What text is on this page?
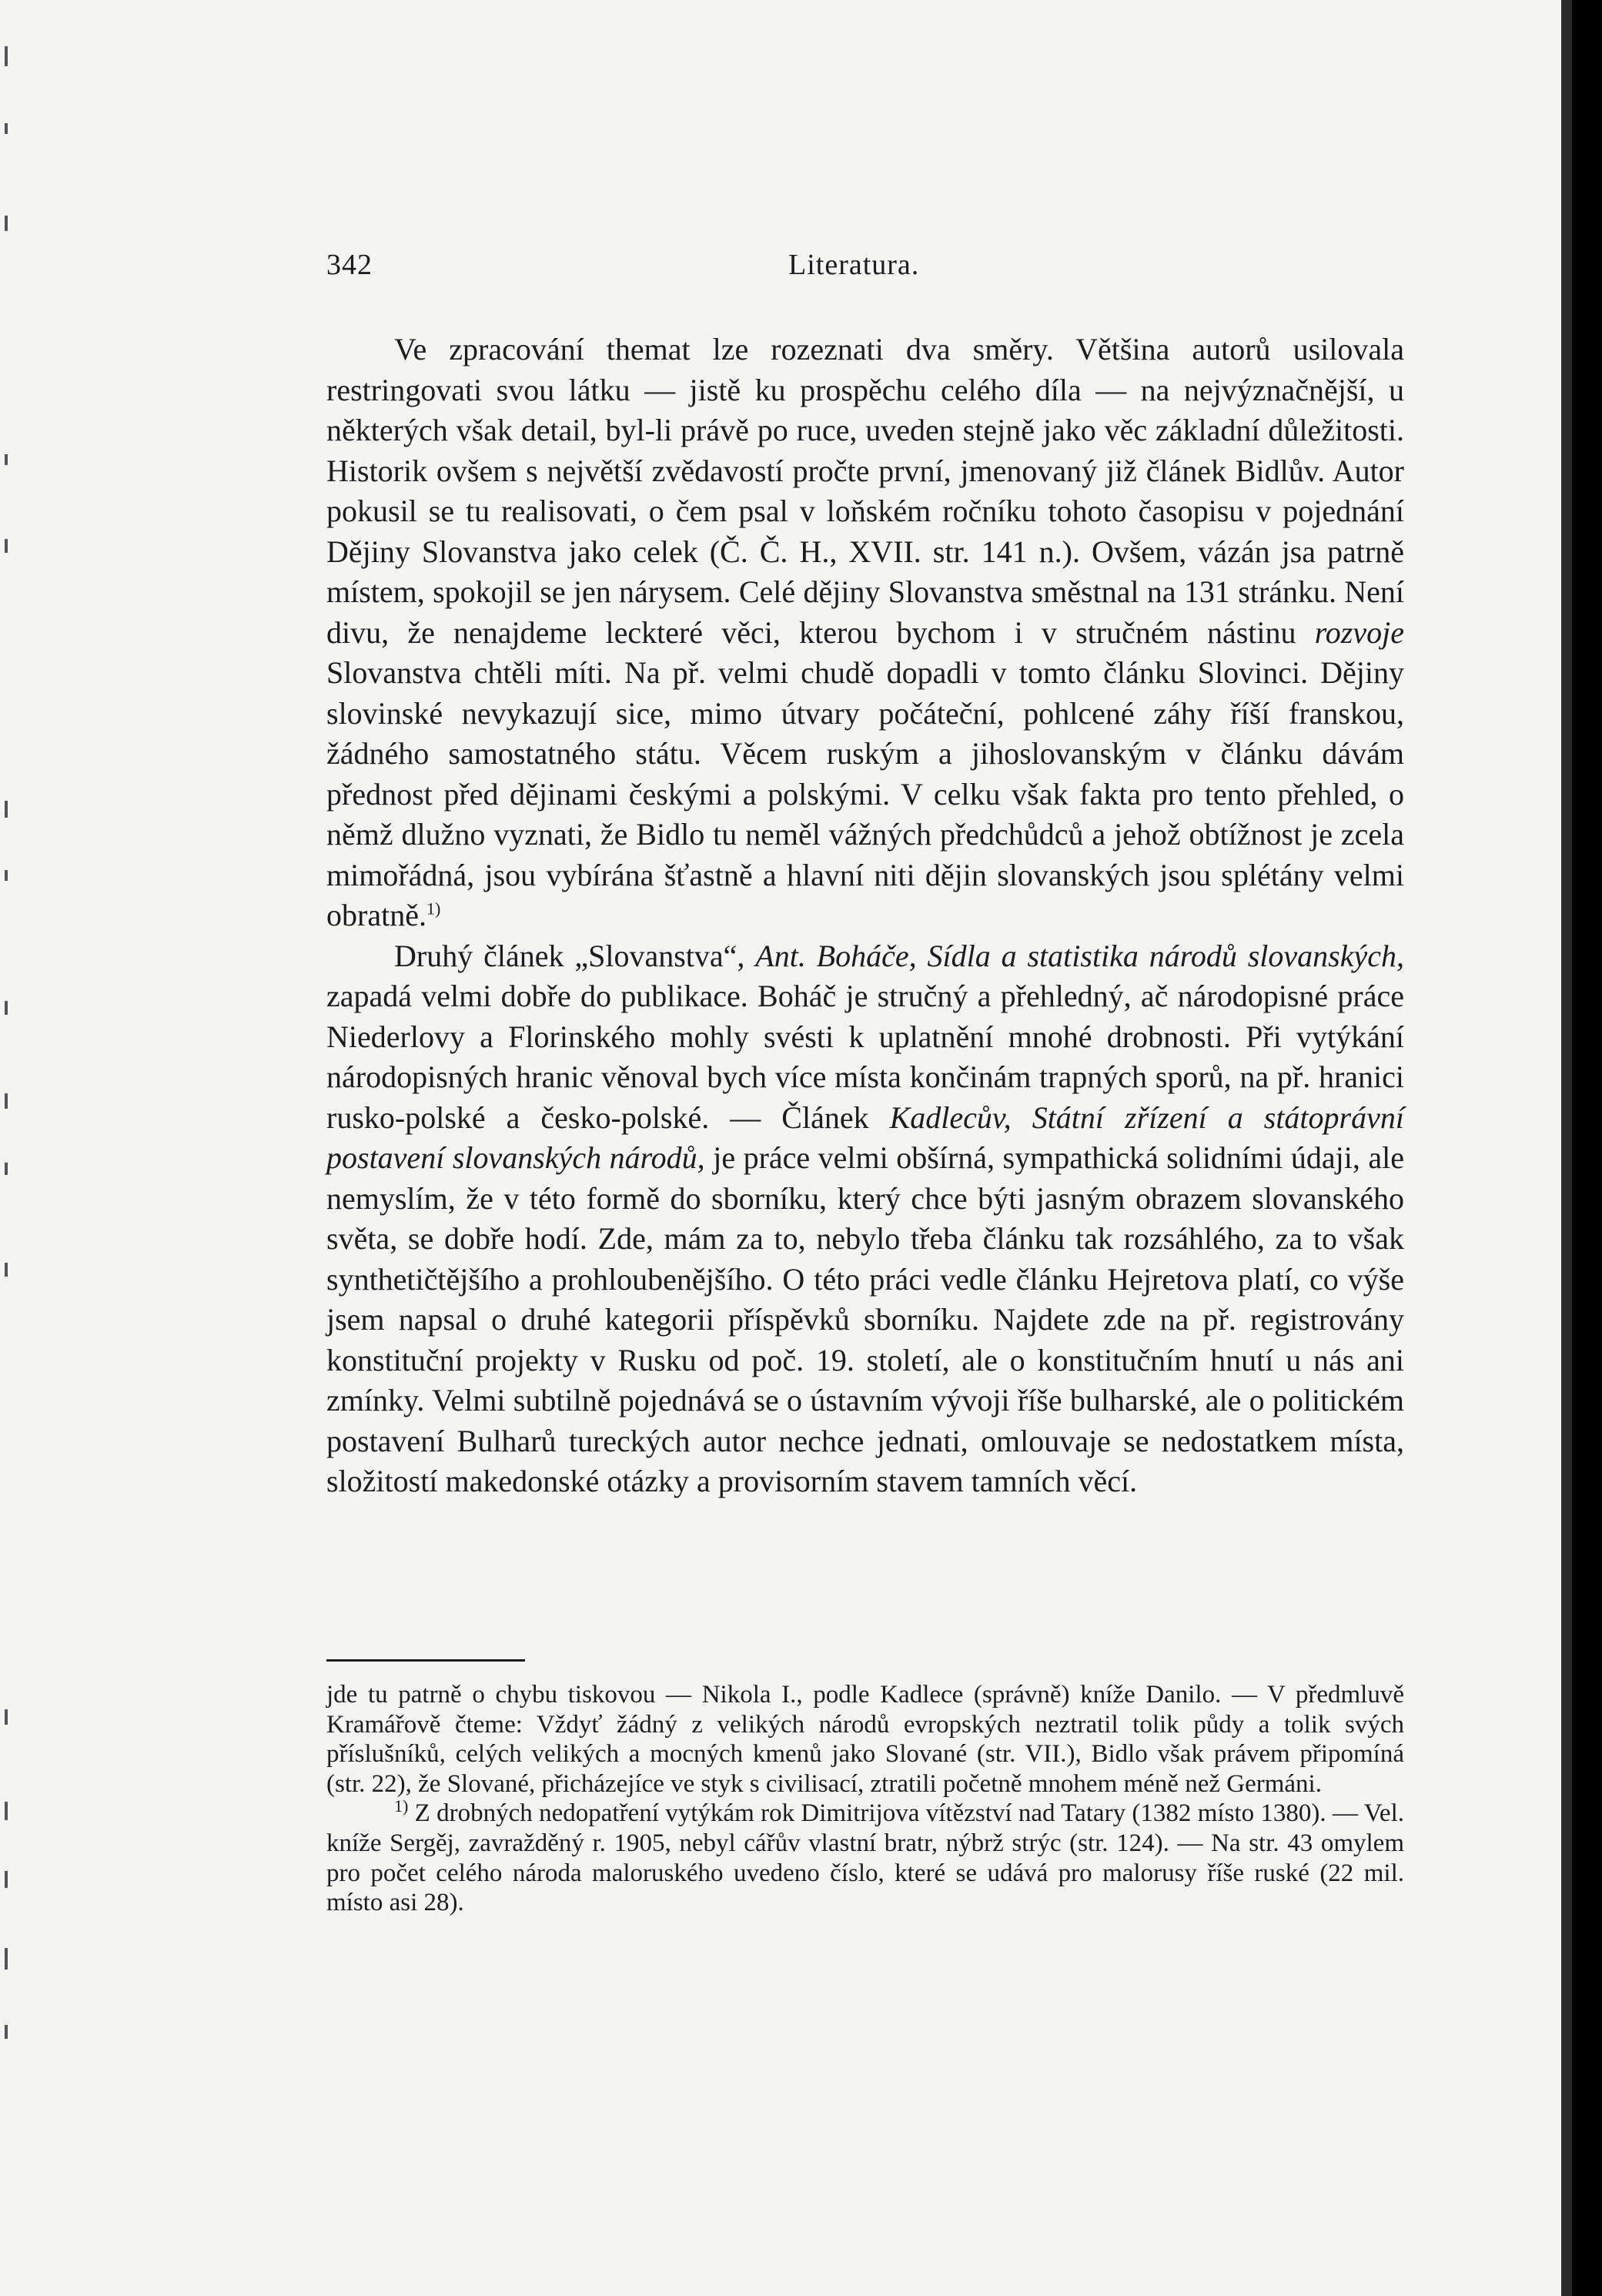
342	Literatura.

Ve zpracování themat lze rozeznati dva směry. Většina autorů usilovala restringovati svou látku — jistě ku prospěchu celého díla — na nejvýznačnější, u některých však detail, byl-li právě po ruce, uveden stejně jako věc základní důležitosti. Historik ovšem s největší zvědavostí pročte první, jmenovaný již článek Bidlův. Autor pokusil se tu realisovati, o čem psal v loňském ročníku tohoto časopisu v pojednání Dějiny Slovanstva jako celek (Č. Č. H., XVII. str. 141 n.). Ovšem, vázán jsa patrně místem, spokojil se jen nárysem. Celé dějiny Slovanstva směstnal na 131 stránku. Není divu, že nenajdeme leckteré věci, kterou bychom i v stručném nástinu rozvoje Slovanstva chtěli míti. Na př. velmi chudě dopadli v tomto článku Slovinci. Dějiny slovinské nevykazují sice, mimo útvary počáteční, pohlcené záhy říší franskou, žádného samostatného státu. Věcem ruským a jihoslovanským v článku dávám přednost před dějinami českými a polskými. V celku však fakta pro tento přehled, o němž dlužno vyznati, že Bidlo tu neměl vážných předchůdců a jehož obtížnost je zcela mimořádná, jsou vybírána šťastně a hlavní niti dějin slovanských jsou splétány velmi obratně.$^{1)}$

Druhý článek „Slovanstva“, Ant. Boháče, Sídla a statistika národů slovanských, zapadá velmi dobře do publikace. Boháč je stručný a přehledný, ač národopisné práce Niederlovy a Florinského mohly svésti k uplatnění mnohé drobnosti. Při vytýkání národopisných hranic věnoval bych více místa končinám trapných sporů, na př. hranici rusko-polské a česko-polské. — Článek Kadlecův, Státní zřízení a státoprávní postavení slovanských národů, je práce velmi obšírná, sympathická solidními údaji, ale nemyslím, že v této formě do sborníku, který chce býti jasným obrazem slovanského světa, se dobře hodí. Zde, mám za to, nebylo třeba článku tak rozsáhlého, za to však synthetičtějšího a prohloubenějšího. O této práci vedle článku Hejretova platí, co výše jsem napsal o druhé kategorii příspěvků sborníku. Najdete zde na př. registrovány konstituční projekty v Rusku od poč. 19. století, ale o konstitučním hnutí u nás ani zmínky. Velmi subtilně pojednává se o ústavním vývoji říše bulharské, ale o politickém postavení Bulharů tureckých autor nechce jednati, omlouvaje se nedostatkem místa, složitostí makedonské otázky a provisorním stavem tamních věcí.

jde tu patrně o chybu tiskovou — Nikola I., podle Kadlece (správně) kníže Danilo. — V předmluvě Kramářově čteme: Vždyť žádný z velikých národů evropských neztratil tolik půdy a tolik svých příslušníků, celých velikých a mocných kmenů jako Slované (str. VII.), Bidlo však právem připomíná (str. 22), že Slované, přicházejíce ve styk s civilisací, ztratili početně mnohem méně než Germáni.

$^{1)}$ Z drobných nedopatření vytýkám rok Dimitrijova vítězství nad Tatary (1382 místo 1380). — Vel. kníže Sergěj, zavražděný r. 1905, nebyl cářův vlastní bratr, nýbrž strýc (str. 124). — Na str. 43 omylem pro počet celého národa maloruského uvedeno číslo, které se udává pro malorusy říše ruské (22 mil. místo asi 28).
